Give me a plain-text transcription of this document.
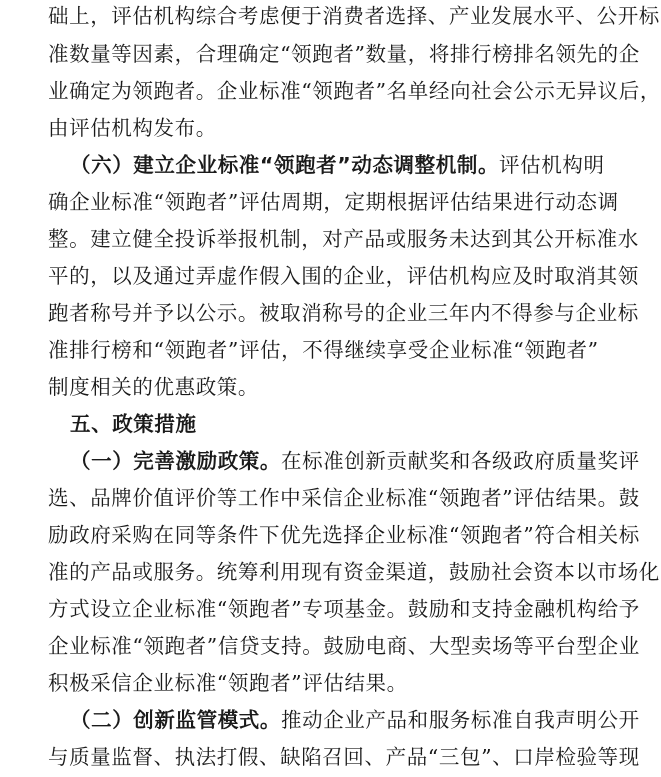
础上，评估机构综合考虑便于消费者选择、产业发展水平、公开标
准数量等因素，合理确定“领跑者”数量，将排行榜排名领先的企
业确定为领跑者。企业标准“领跑者”名单经向社会公示无异议后，
由评估机构发布。
（六）建立企业标准“领跑者”动态调整机制。评估机构明
确企业标准“领跑者”评估周期，定期根据评估结果进行动态调
整。建立健全投诉举报机制，对产品或服务未达到其公开标准水
平的，以及通过弄虚作假入围的企业，评估机构应及时取消其领
跑者称号并予以公示。被取消称号的企业三年内不得参与企业标
准排行榜和“领跑者”评估，不得继续享受企业标准“领跑者”
制度相关的优惠政策。
五、政策措施
（一）完善激励政策。在标准创新贡献奖和各级政府质量奖评
选、品牌价值评价等工作中采信企业标准“领跑者”评估结果。鼓
励政府采购在同等条件下优先选择企业标准“领跑者”符合相关标
准的产品或服务。统筹利用现有资金渠道，鼓励社会资本以市场化
方式设立企业标准“领跑者”专项基金。鼓励和支持金融机构给予
企业标准“领跑者”信贷支持。鼓励电商、大型卖场等平台型企业
积极采信企业标准“领跑者”评估结果。
（二）创新监管模式。推动企业产品和服务标准自我声明公开
与质量监督、执法打假、缺陷召回、产品“三包”、口岸检验等现
